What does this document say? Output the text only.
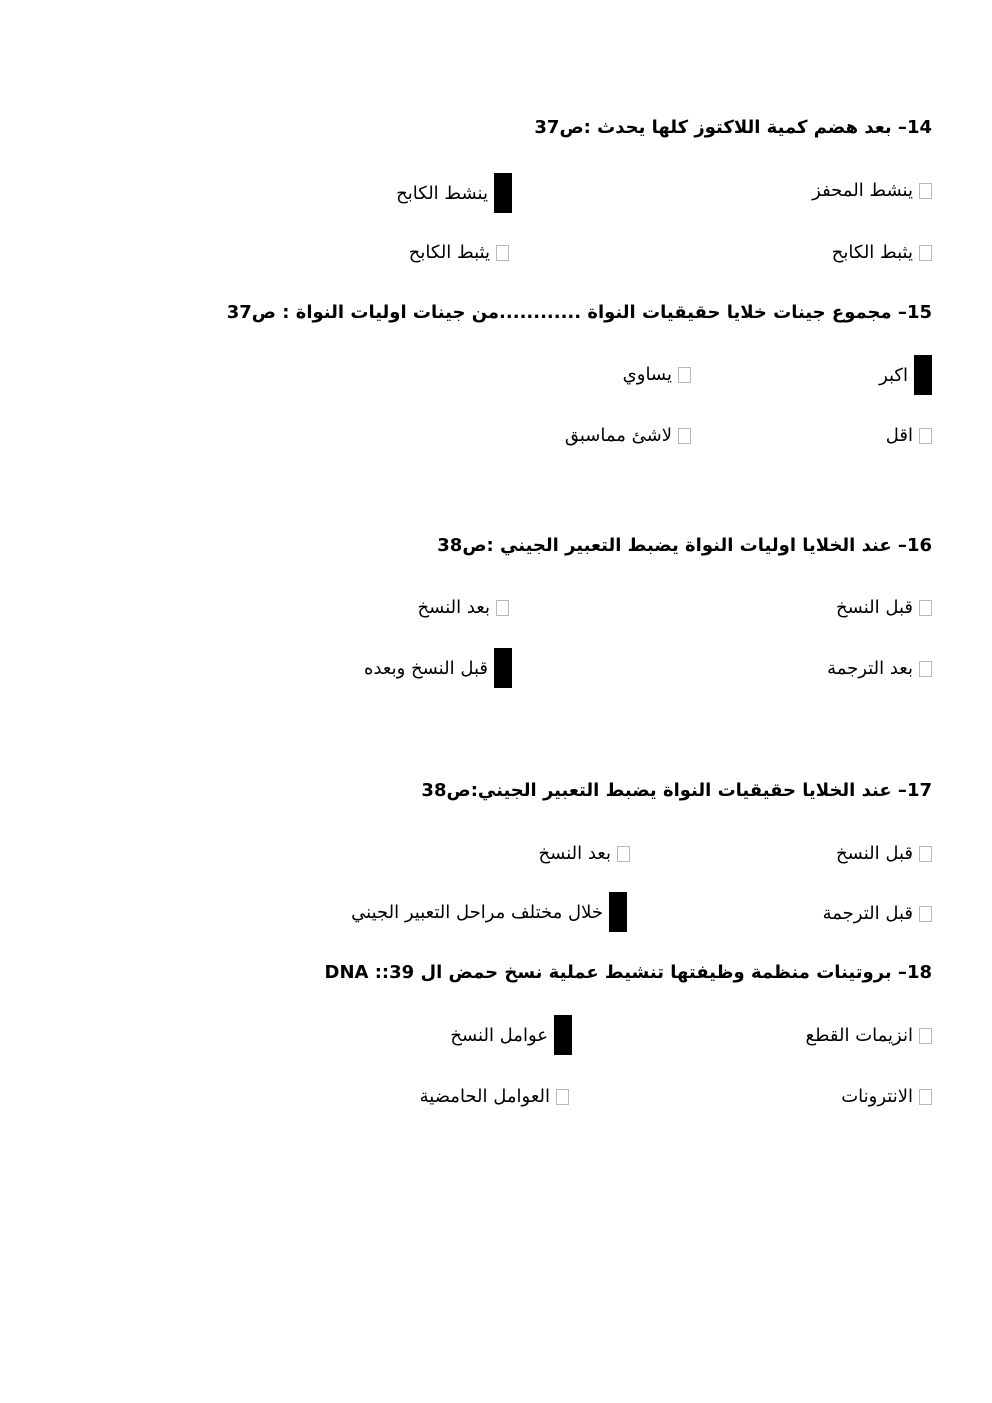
14– بعد هضم كمية اللاكتوز كلها يحدث :ص37
ينشط المحفز
ينشط الكابح
يثبط الكابح
يثبط الكابح
15– مجموع جينات خلايا حقيقيات النواة ............من جينات اوليات النواة : ص37
اكبر
يساوي
اقل
لاشئ مماسبق
16– عند الخلايا اوليات النواة يضبط التعبير الجيني :ص38
قبل النسخ
بعد النسخ
بعد الترجمة
قبل النسخ وبعده
17– عند الخلايا حقيقيات النواة يضبط التعبير الجيني:ص38
قبل النسخ
بعد النسخ
قبل الترجمة
خلال مختلف مراحل التعبير الجيني
18– بروتينات منظمة وظيفتها تنشيط عملية نسخ حمض ال DNA ::39
انزيمات القطع
عوامل النسخ
الانترونات
العوامل الحامضية
